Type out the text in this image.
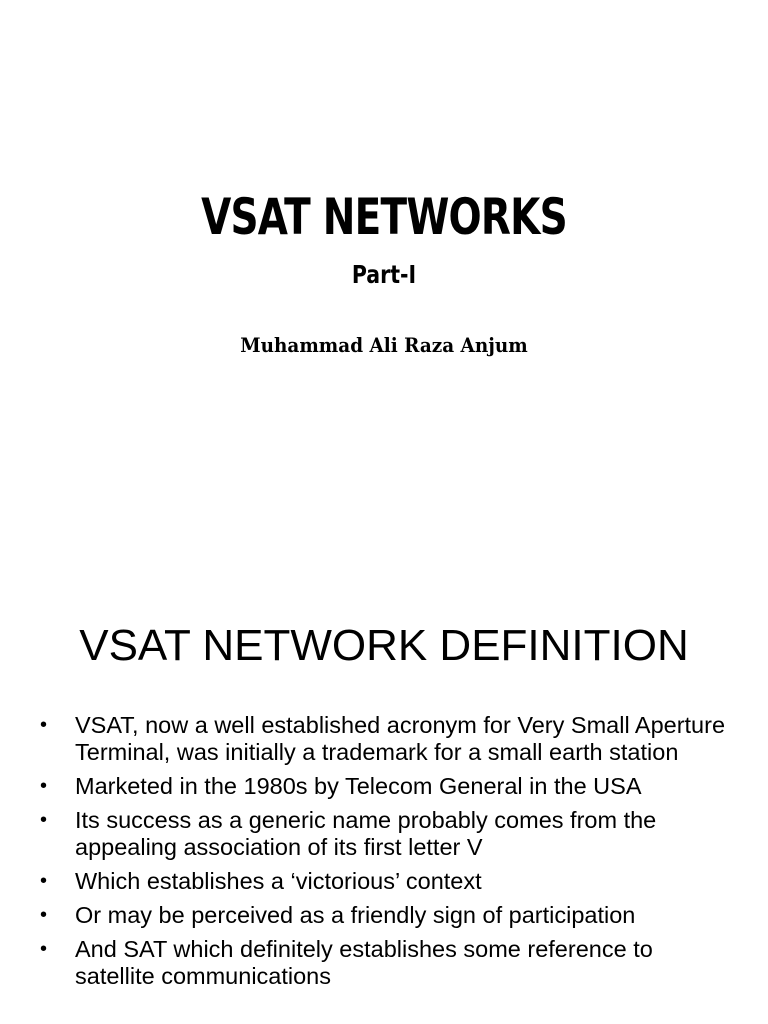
VSAT NETWORKS
Part-I
Muhammad Ali Raza Anjum
VSAT NETWORK DEFINITION
• VSAT, now a well established acronym for Very Small Aperture Terminal, was initially a trademark for a small earth station
• Marketed in the 1980s by Telecom General in the USA
• Its success as a generic name probably comes from the appealing association of its first letter V
• Which establishes a ‘victorious’ context
• Or may be perceived as a friendly sign of participation
• And SAT which definitely establishes some reference to satellite communications
